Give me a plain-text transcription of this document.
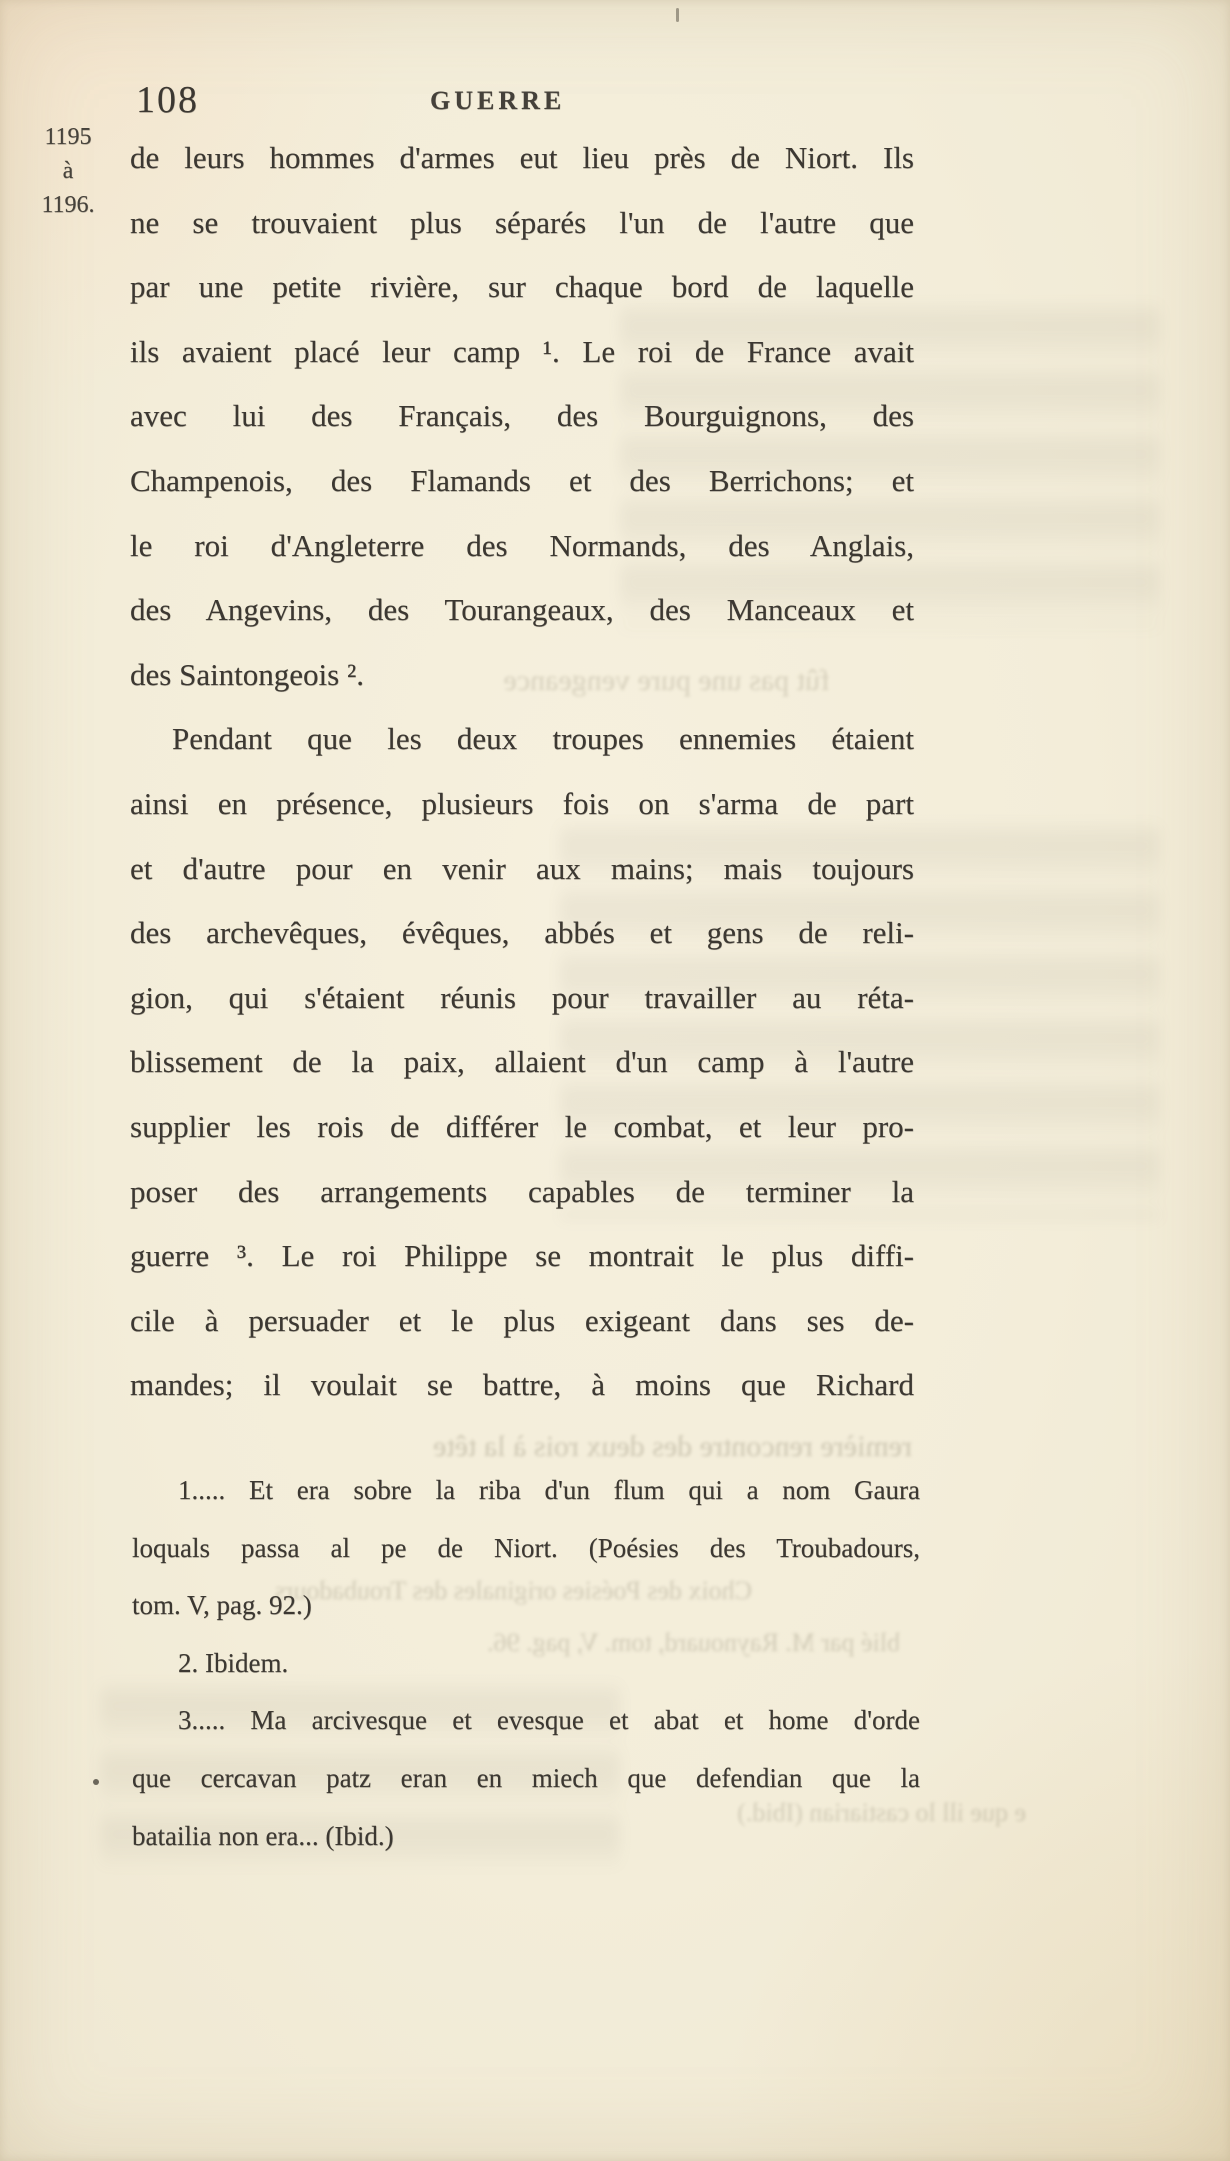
fût pas une pure vengeance
remière rencontre des deux rois à la tête
Choix des Poésies originales des Troubadours
blié par M. Raynouard, tom. V, pag. 96.
e que ill lo castiarian (Ibid.)
108	GUERRE
1195
à
1196.
de leurs hommes d'armes eut lieu près de Niort. Ils
ne se trouvaient plus séparés l'un de l'autre que
par une petite rivière, sur chaque bord de laquelle
ils avaient placé leur camp ¹. Le roi de France avait
avec lui des Français, des Bourguignons, des
Champenois, des Flamands et des Berrichons; et
le roi d'Angleterre des Normands, des Anglais,
des Angevins, des Tourangeaux, des Manceaux et
des Saintongeois ².
Pendant que les deux troupes ennemies étaient
ainsi en présence, plusieurs fois on s'arma de part
et d'autre pour en venir aux mains; mais toujours
des archevêques, évêques, abbés et gens de reli-
gion, qui s'étaient réunis pour travailler au réta-
blissement de la paix, allaient d'un camp à l'autre
supplier les rois de différer le combat, et leur pro-
poser des arrangements capables de terminer la
guerre ³. Le roi Philippe se montrait le plus diffi-
cile à persuader et le plus exigeant dans ses de-
mandes; il voulait se battre, à moins que Richard
1..... Et era sobre la riba d'un flum qui a nom Gaura
loquals passa al pe de Niort. (Poésies des Troubadours,
tom. V, pag. 92.)
2. Ibidem.
3..... Ma arcivesque et evesque et abat et home d'orde
que cercavan patz eran en miech que defendian que la
batailia non era... (Ibid.)
